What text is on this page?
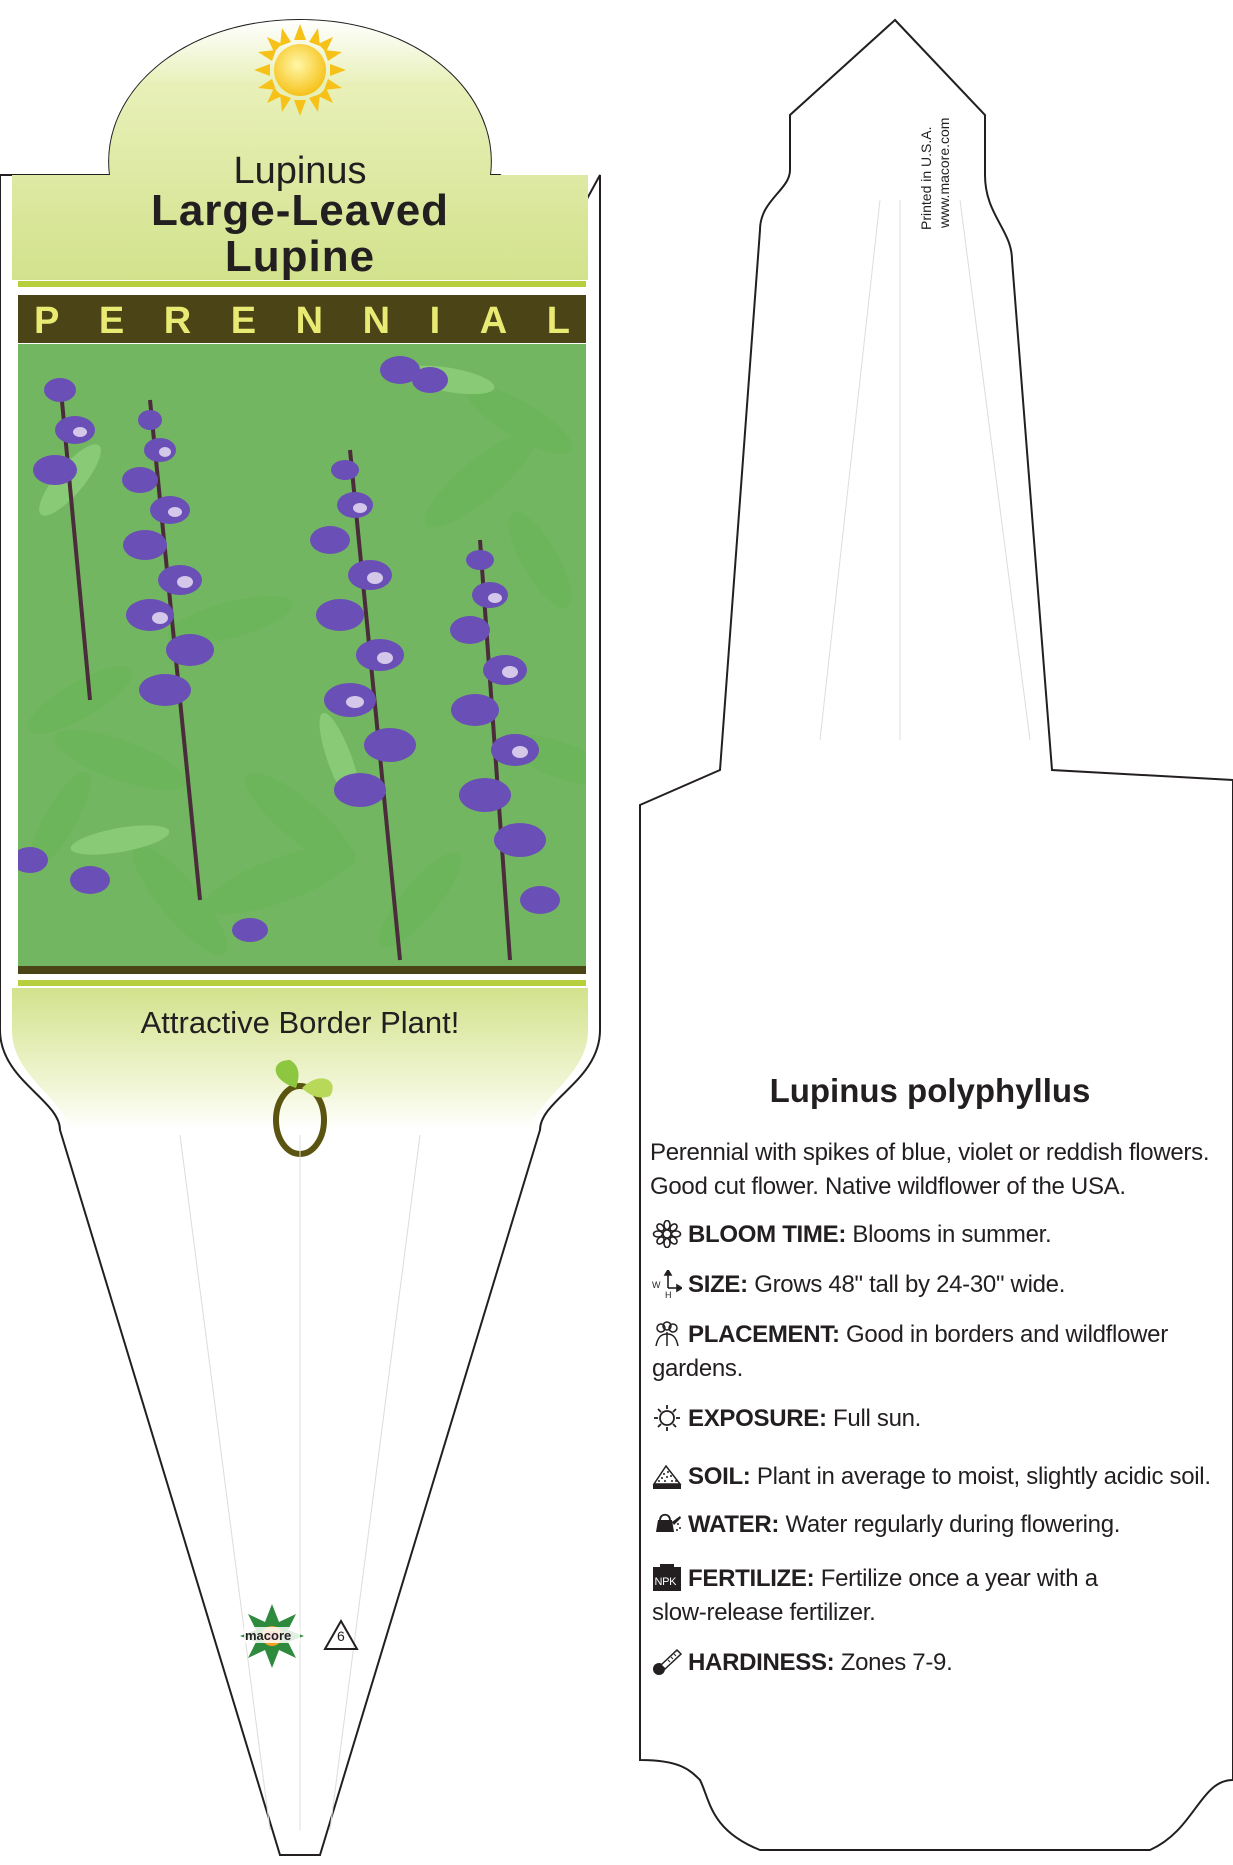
Lupinus
Large-Leaved
Lupine
P E R E N N I A L
Attractive Border Plant!
macore	6
Printed in U.S.A. www.macore.com
Lupinus polyphyllus
Perennial with spikes of blue, violet or reddish flowers.
Good cut flower. Native wildflower of the USA.
BLOOM TIME: Blooms in summer.
W
H SIZE: Grows 48" tall by 24-30" wide.
PLACEMENT: Good in borders and wildflower
gardens.
EXPOSURE: Full sun.
SOIL: Plant in average to moist, slightly acidic soil.
WATER: Water regularly during flowering.
NPK FERTILIZE: Fertilize once a year with a
slow-release fertilizer.
HARDINESS: Zones 7-9.
